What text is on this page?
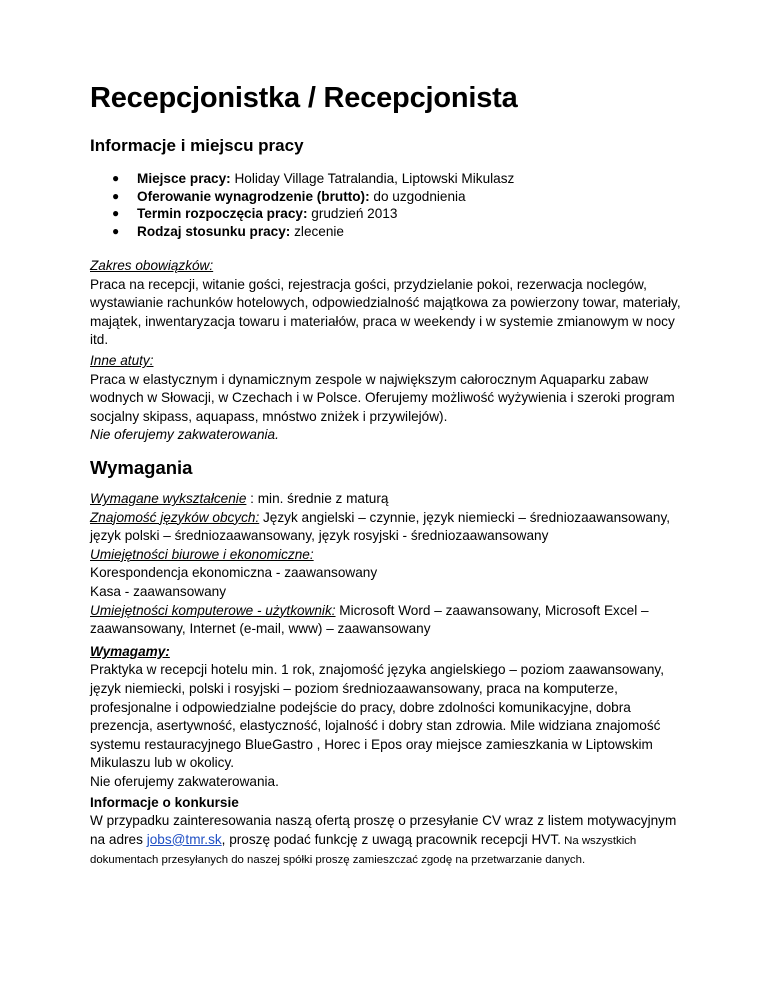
Recepcjonistka / Recepcjonista
Informacje i miejscu pracy
● Miejsce pracy: Holiday Village Tatralandia, Liptowski Mikulasz
● Oferowanie wynagrodzenie (brutto): do uzgodnienia
● Termin rozpoczęcia pracy: grudzień 2013
● Rodzaj stosunku pracy: zlecenie

Zakres obowiązków:

Praca na recepcji, witanie gości, rejestracja gości, przydzielanie pokoi, rezerwacja noclegów, wystawianie rachunków hotelowych, odpowiedzialność majątkowa za powierzony towar, materiały, majątek, inwentaryzacja towaru i materiałów, praca w weekendy i w systemie zmianowym w nocy itd.

Inne atuty:

Praca w elastycznym i dynamicznym zespole w największym całorocznym Aquaparku zabaw wodnych w Słowacji, w Czechach i w Polsce. Oferujemy możliwość wyżywienia i szeroki program socjalny skipass, aquapass, mnóstwo zniżek i przywilejów).

Nie oferujemy zakwaterowania.

Wymagania

Wymagane wykształcenie : min. średnie z maturą

Znajomość języków obcych: Język angielski – czynnie, język niemiecki – średniozaawansowany, język polski – średniozaawansowany, język rosyjski - średniozaawansowany

Umiejętności biurowe i ekonomiczne:

Korespondencja ekonomiczna - zaawansowany

Kasa - zaawansowany

Umiejętności komputerowe - użytkownik: Microsoft Word – zaawansowany, Microsoft Excel – zaawansowany, Internet (e-mail, www) – zaawansowany

Wymagamy:

Praktyka w recepcji hotelu min. 1 rok, znajomość języka angielskiego – poziom zaawansowany, język niemiecki, polski i rosyjski – poziom średniozaawansowany, praca na komputerze, profesjonalne i odpowiedzialne podejście do pracy, dobre zdolności komunikacyjne, dobra prezencja, asertywność, elastyczność, lojalność i dobry stan zdrowia. Mile widziana znajomość systemu restauracyjnego BlueGastro , Horec i Epos oray miejsce zamieszkania w Liptowskim Mikulaszu lub w okolicy.

Nie oferujemy zakwaterowania.

Informacje o konkursie

W przypadku zainteresowania naszą ofertą proszę o przesyłanie CV wraz z listem motywacyjnym na adres jobs@tmr.sk, proszę podać funkcję z uwagą pracownik recepcji HVT. Na wszystkich dokumentach przesyłanych do naszej spółki proszę zamieszczać zgodę na przetwarzanie danych.
